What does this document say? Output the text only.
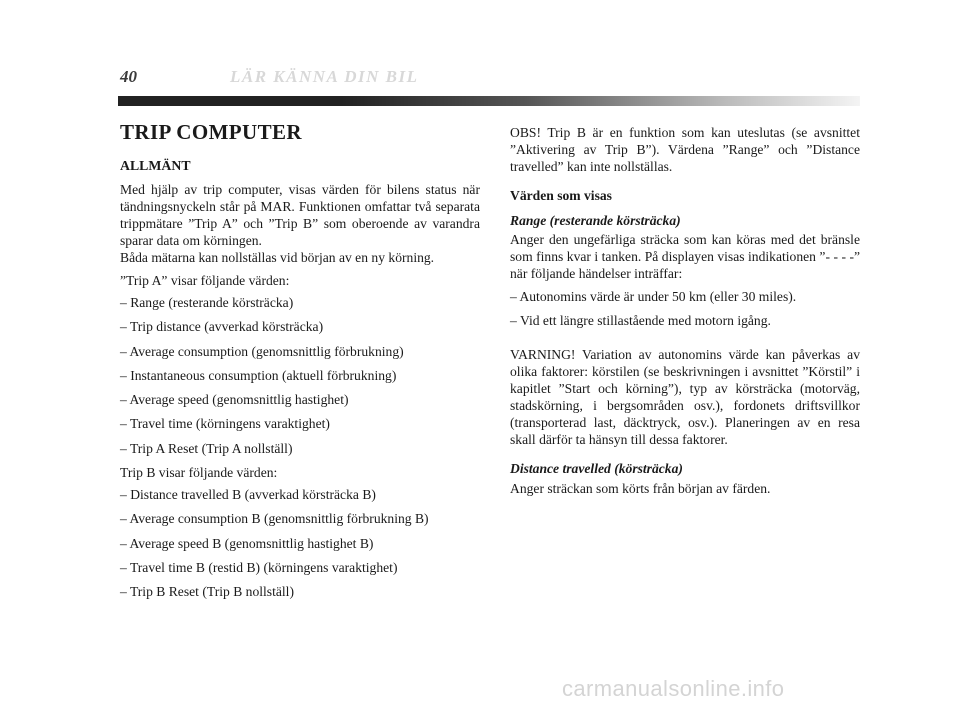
40	LÄR KÄNNA DIN BIL
TRIP COMPUTER
ALLMÄNT

Med hjälp av trip computer, visas värden för bilens status när tändningsnyckeln står på MAR. Funktionen omfattar två separata trippmätare ”Trip A” och ”Trip B” som oberoende av varandra sparar data om körningen.

Båda mätarna kan nollställas vid början av en ny körning.

”Trip A” visar följande värden:

– Range (resterande körsträcka)

– Trip distance (avverkad körsträcka)

– Average consumption (genomsnittlig förbrukning)

– Instantaneous consumption (aktuell förbrukning)

– Average speed (genomsnittlig hastighet)

– Travel time (körningens varaktighet)

– Trip A Reset (Trip A nollställ)

Trip B visar följande värden:

– Distance travelled B (avverkad körsträcka B)

– Average consumption B (genomsnittlig förbrukning B)

– Average speed B (genomsnittlig hastighet B)

– Travel time B (restid B) (körningens varaktighet)

– Trip B Reset (Trip B nollställ)

OBS! Trip B är en funktion som kan uteslutas (se avsnittet ”Aktivering av Trip B”). Värdena ”Range” och ”Distance travelled” kan inte nollställas.

Värden som visas

Range (resterande körsträcka)

Anger den ungefärliga sträcka som kan köras med det bränsle som finns kvar i tanken. På displayen visas indikationen ”- - - -” när följande händelser inträffar:

– Autonomins värde är under 50 km (eller 30 miles).

– Vid ett längre stillastående med motorn igång.

VARNING! Variation av autonomins värde kan påverkas av olika faktorer: körstilen (se beskrivningen i avsnittet ”Körstil” i kapitlet ”Start och körning”), typ av körsträcka (motorväg, stadskörning, i bergsområden osv.), fordonets driftsvillkor (transporterad last, däcktryck, osv.). Planeringen av en resa skall därför ta hänsyn till dessa faktorer.

Distance travelled (körsträcka)

Anger sträckan som körts från början av färden.

carmanualsonline.info
